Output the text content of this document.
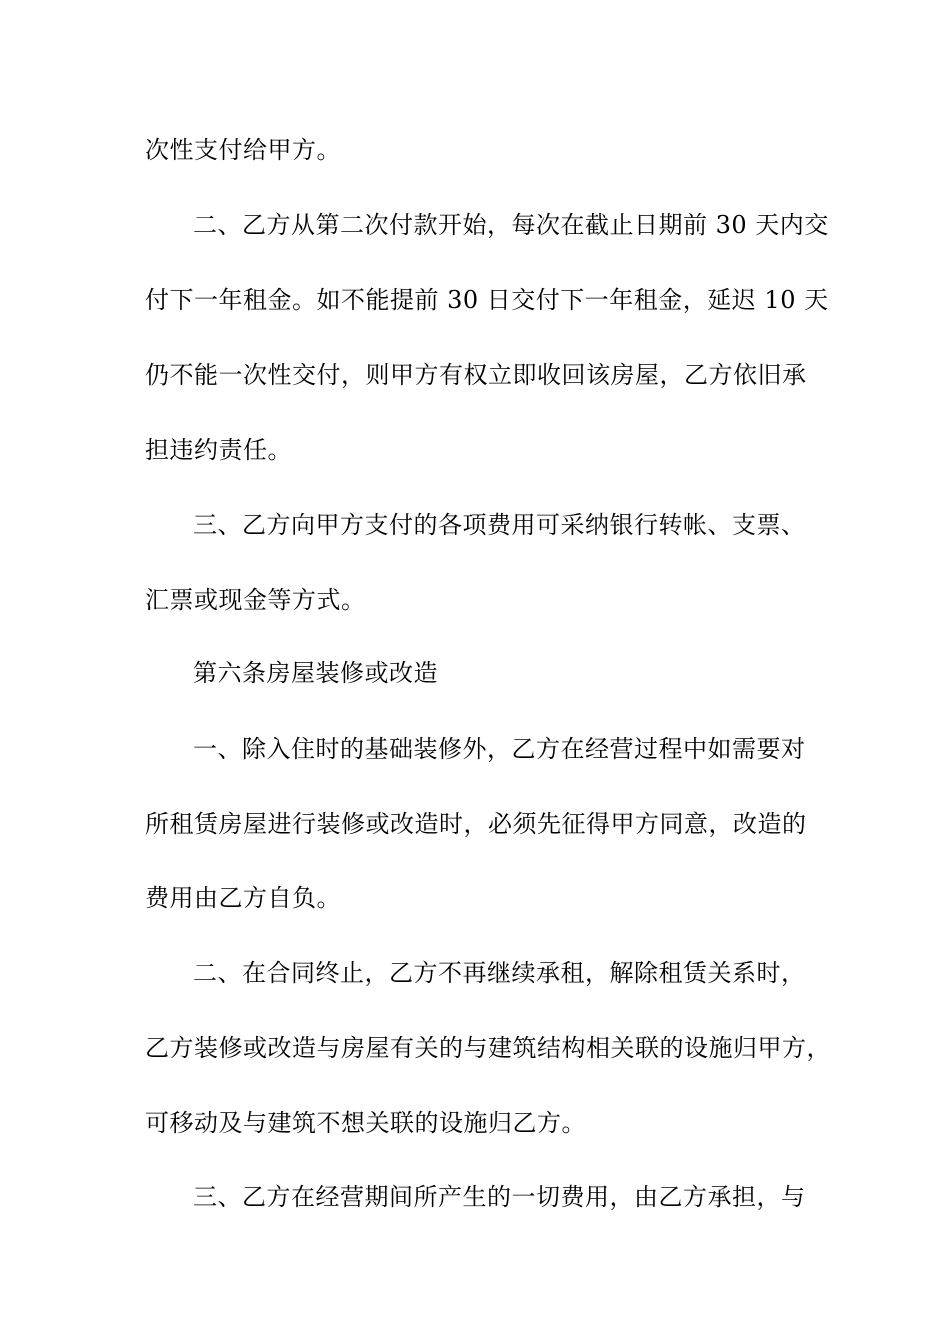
次性支付给甲方。
二、乙方从第二次付款开始，每次在截止日期前 30 天内交
付下一年租金。如不能提前 30 日交付下一年租金，延迟 10 天
仍不能一次性交付，则甲方有权立即收回该房屋，乙方依旧承
担违约责任。
三、乙方向甲方支付的各项费用可采纳银行转帐、支票、
汇票或现金等方式。
第六条房屋装修或改造
一、除入住时的基础装修外，乙方在经营过程中如需要对
所租赁房屋进行装修或改造时，必须先征得甲方同意，改造的
费用由乙方自负。
二、在合同终止，乙方不再继续承租，解除租赁关系时，
乙方装修或改造与房屋有关的与建筑结构相关联的设施归甲方，
可移动及与建筑不想关联的设施归乙方。
三、乙方在经营期间所产生的一切费用，由乙方承担，与
